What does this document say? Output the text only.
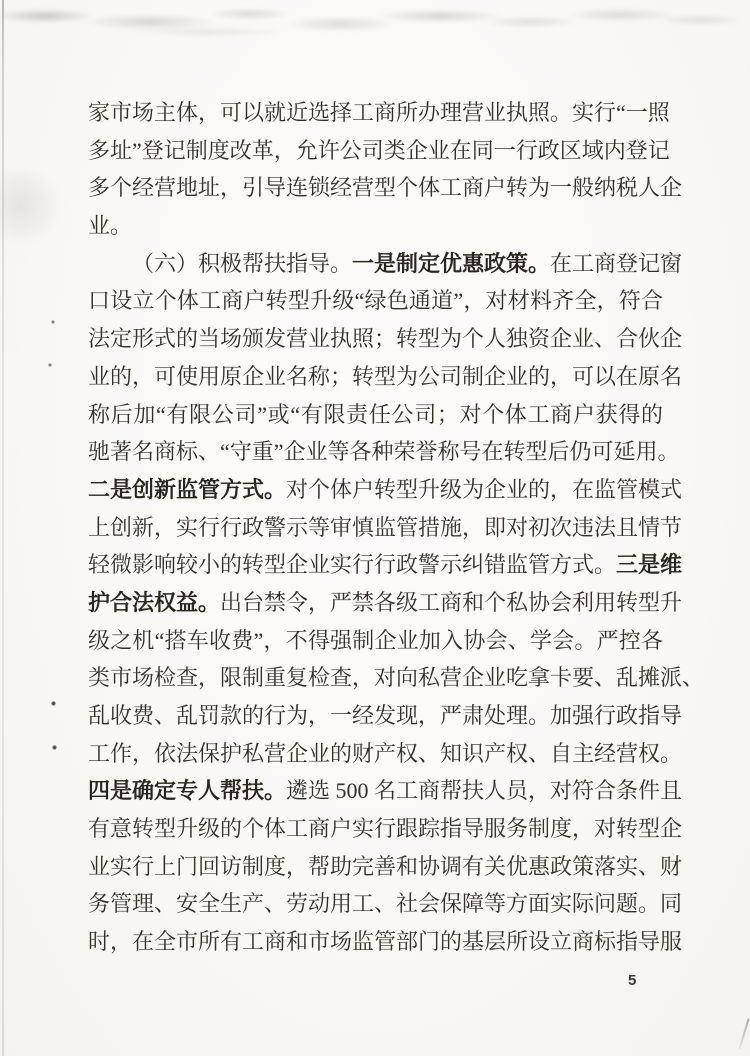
家市场主体，可以就近选择工商所办理营业执照。实行“一照
多址”登记制度改革，允许公司类企业在同一行政区域内登记
多个经营地址，引导连锁经营型个体工商户转为一般纳税人企
业。
（六）积极帮扶指导。一是制定优惠政策。在工商登记窗
口设立个体工商户转型升级“绿色通道”，对材料齐全，符合
法定形式的当场颁发营业执照；转型为个人独资企业、合伙企
业的，可使用原企业名称；转型为公司制企业的，可以在原名
称后加“有限公司”或“有限责任公司；对个体工商户获得的
驰著名商标、“守重”企业等各种荣誉称号在转型后仍可延用。
二是创新监管方式。对个体户转型升级为企业的，在监管模式
上创新，实行行政警示等审慎监管措施，即对初次违法且情节
轻微影响较小的转型企业实行行政警示纠错监管方式。三是维
护合法权益。出台禁令，严禁各级工商和个私协会利用转型升
级之机“搭车收费”，不得强制企业加入协会、学会。严控各
类市场检查，限制重复检查，对向私营企业吃拿卡要、乱摊派、
乱收费、乱罚款的行为，一经发现，严肃处理。加强行政指导
工作，依法保护私营企业的财产权、知识产权、自主经营权。
四是确定专人帮扶。遴选 500 名工商帮扶人员，对符合条件且
有意转型升级的个体工商户实行跟踪指导服务制度，对转型企
业实行上门回访制度，帮助完善和协调有关优惠政策落实、财
务管理、安全生产、劳动用工、社会保障等方面实际问题。同
时，在全市所有工商和市场监管部门的基层所设立商标指导服
5
